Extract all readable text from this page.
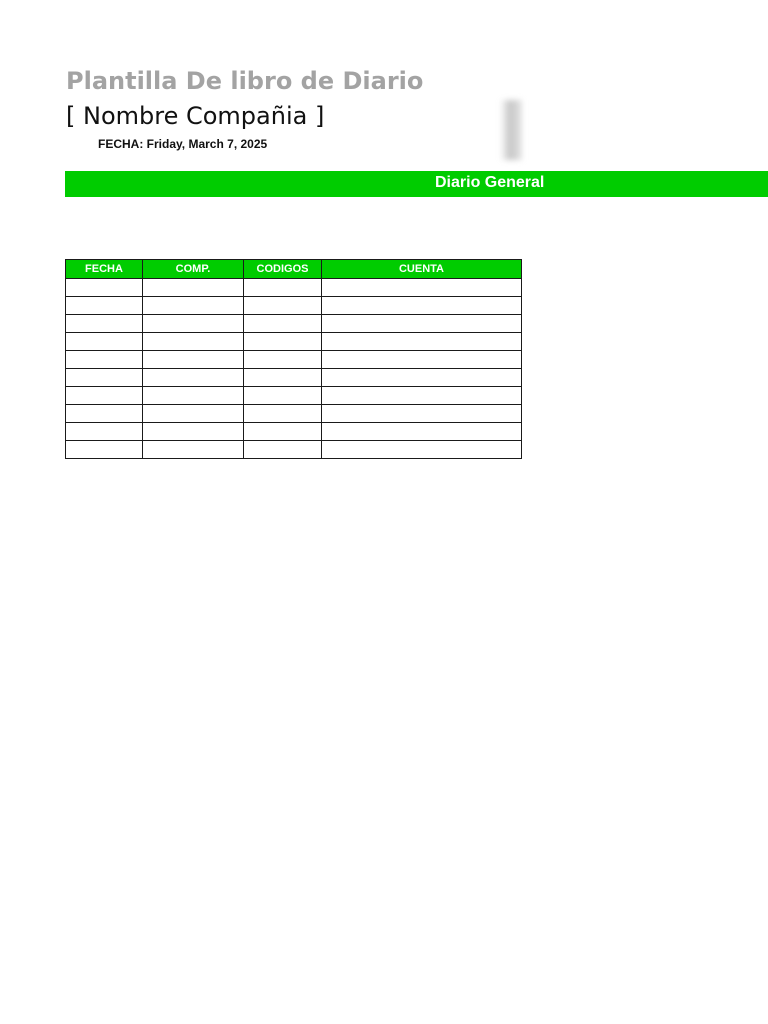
Plantilla De libro de Diario
[ Nombre Compañia ]
FECHA: Friday, March 7, 2025
Diario General
FECHA	COMP.	CODIGOS	CUENTA
